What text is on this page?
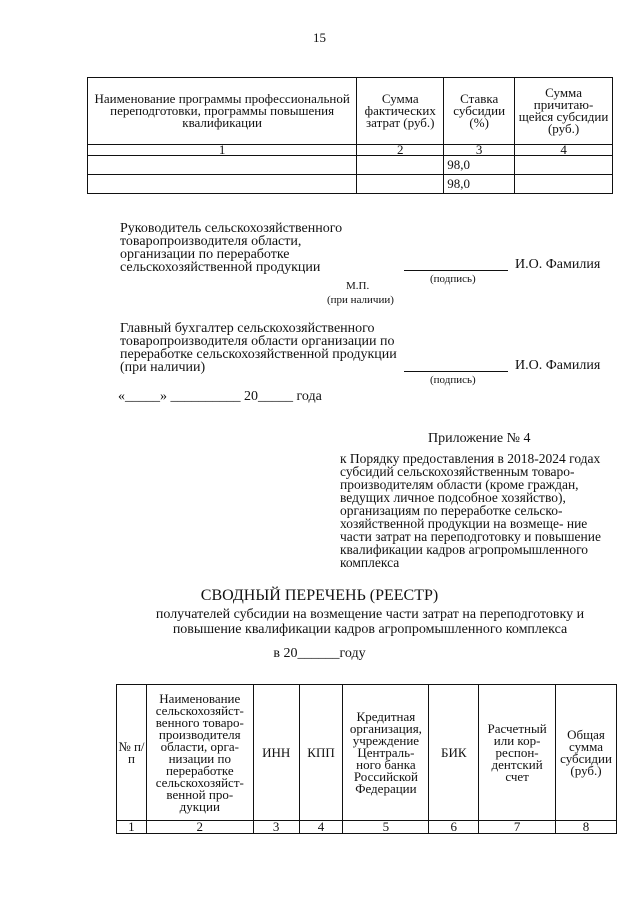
15
Наименование программы профессиональной переподготовки, программы повышения квалификации	Сумма фактических затрат (руб.)	Ставка субсидии (%)	Сумма причитаю- щейся субсидии (руб.)
1	2	3	4
		98,0	
		98,0	
Руководитель сельскохозяйственного товаропроизводителя области, организации по переработке сельскохозяйственной продукции	И.О. Фамилия
(подпись)
М.П.
(при наличии)
Главный бухгалтер сельскохозяйственного товаропроизводителя области организации по переработке сельскохозяйственной продукции (при наличии)	И.О. Фамилия
(подпись)
«_____» __________ 20_____ года
Приложение № 4
к Порядку предоставления в 2018-2024 годах субсидий сельскохозяйственным товаро- производителям области (кроме граждан, ведущих личное подсобное хозяйство), организациям по переработке сельско- хозяйственной продукции на возмеще- ние части затрат на переподготовку и повышение квалификации кадров агропромышленного комплекса
СВОДНЫЙ ПЕРЕЧЕНЬ (РЕЕСТР)
получателей субсидии на возмещение части затрат на переподготовку и повышение квалификации кадров агропромышленного комплекса
в 20______году
№ п/п	Наименование сельскохозяйст- венного товаро- производителя области, орга- низации по переработке сельскохозяйст- венной про- дукции	ИНН	КПП	Кредитная организация, учреждение Централь- ного банка Российской Федерации	БИК	Расчетный или кор- респон- дентский счет	Общая сумма субсидии (руб.)
1	2	3	4	5	6	7	8
